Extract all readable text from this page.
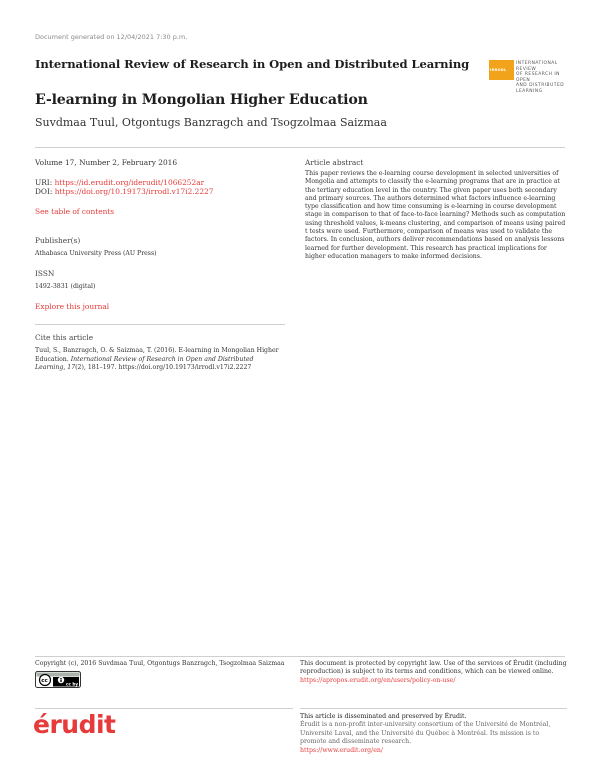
Document generated on 12/04/2021 7:30 p.m.
International Review of Research in Open and Distributed Learning	IRRODL
INTERNATIONAL REVIEW
OF RESEARCH IN OPEN
AND DISTRIBUTED
LEARNING
E-learning in Mongolian Higher Education
Suvdmaa Tuul, Otgontugs Banzragch and Tsogzolmaa Saizmaa
Volume 17, Number 2, February 2016
URI: https://id.erudit.org/iderudit/1066252ar
DOI: https://doi.org/10.19173/irrodl.v17i2.2227
See table of contents
Publisher(s)
Athabasca University Press (AU Press)
ISSN
1492-3831 (digital)
Explore this journal
Cite this article
Tuul, S., Banzragch, O. & Saizmaa, T. (2016). E-learning in Mongolian Higher Education. International Review of Research in Open and Distributed Learning, 17(2), 181–197. https://doi.org/10.19173/irrodl.v17i2.2227
Article abstract

This paper reviews the e-learning course development in selected universities of Mongolia and attempts to classify the e-learning programs that are in practice at the tertiary education level in the country. The given paper uses both secondary and primary sources. The authors determined what factors influence e-learning type classification and how time consuming is e-learning in course development stage in comparison to that of face-to-face learning? Methods such as computation using threshold values, k-means clustering, and comparison of means using paired t tests were used. Furthermore, comparison of means was used to validate the factors. In conclusion, authors deliver recommendations based on analysis lessons learned for further development. This research has practical implications for higher education managers to make informed decisions.

Copyright (c), 2016 Suvdmaa Tuul, Otgontugs Banzragch, Tsogzolmaa Saizmaa
cc	cc by
This document is protected by copyright law. Use of the services of Érudit (including reproduction) is subject to its terms and conditions, which can be viewed online.
https://apropos.erudit.org/en/users/policy-on-use/
érudit	This article is disseminated and preserved by Érudit.
Érudit is a non-profit inter-university consortium of the Université de Montréal, Université Laval, and the Université du Québec à Montréal. Its mission is to promote and disseminate research.
https://www.erudit.org/en/
